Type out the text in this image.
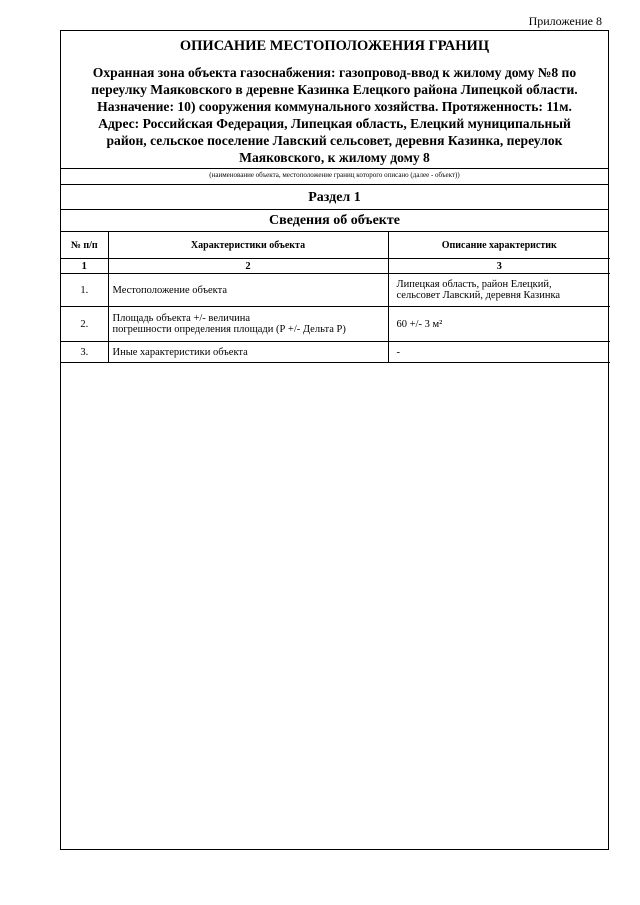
Приложение 8

ОПИСАНИЕ МЕСТОПОЛОЖЕНИЯ ГРАНИЦ

Охранная зона объекта газоснабжения: газопровод-ввод к жилому дому №8 по
переулку Маяковского в деревне Казинка Елецкого района Липецкой области.
Назначение: 10) сооружения коммунального хозяйства. Протяженность: 11м.
Адрес: Российская Федерация, Липецкая область, Елецкий муниципальный
район, сельское поселение Лавский сельсовет, деревня Казинка, переулок
Маяковского, к жилому дому 8

(наименование объекта, местоположение границ которого описано (далее - объект))
Раздел 1
Сведения об объекте
№ п/п	Характеристики объекта	Описание характеристик
1	2	3
1.	Местоположение объекта	Липецкая область, район Елецкий,
сельсовет Лавский, деревня Казинка
2.	Площадь объекта +/- величина
погрешности определения площади (Р +/- Дельта Р)	60 +/- 3 м²
3.	Иные характеристики объекта	-
